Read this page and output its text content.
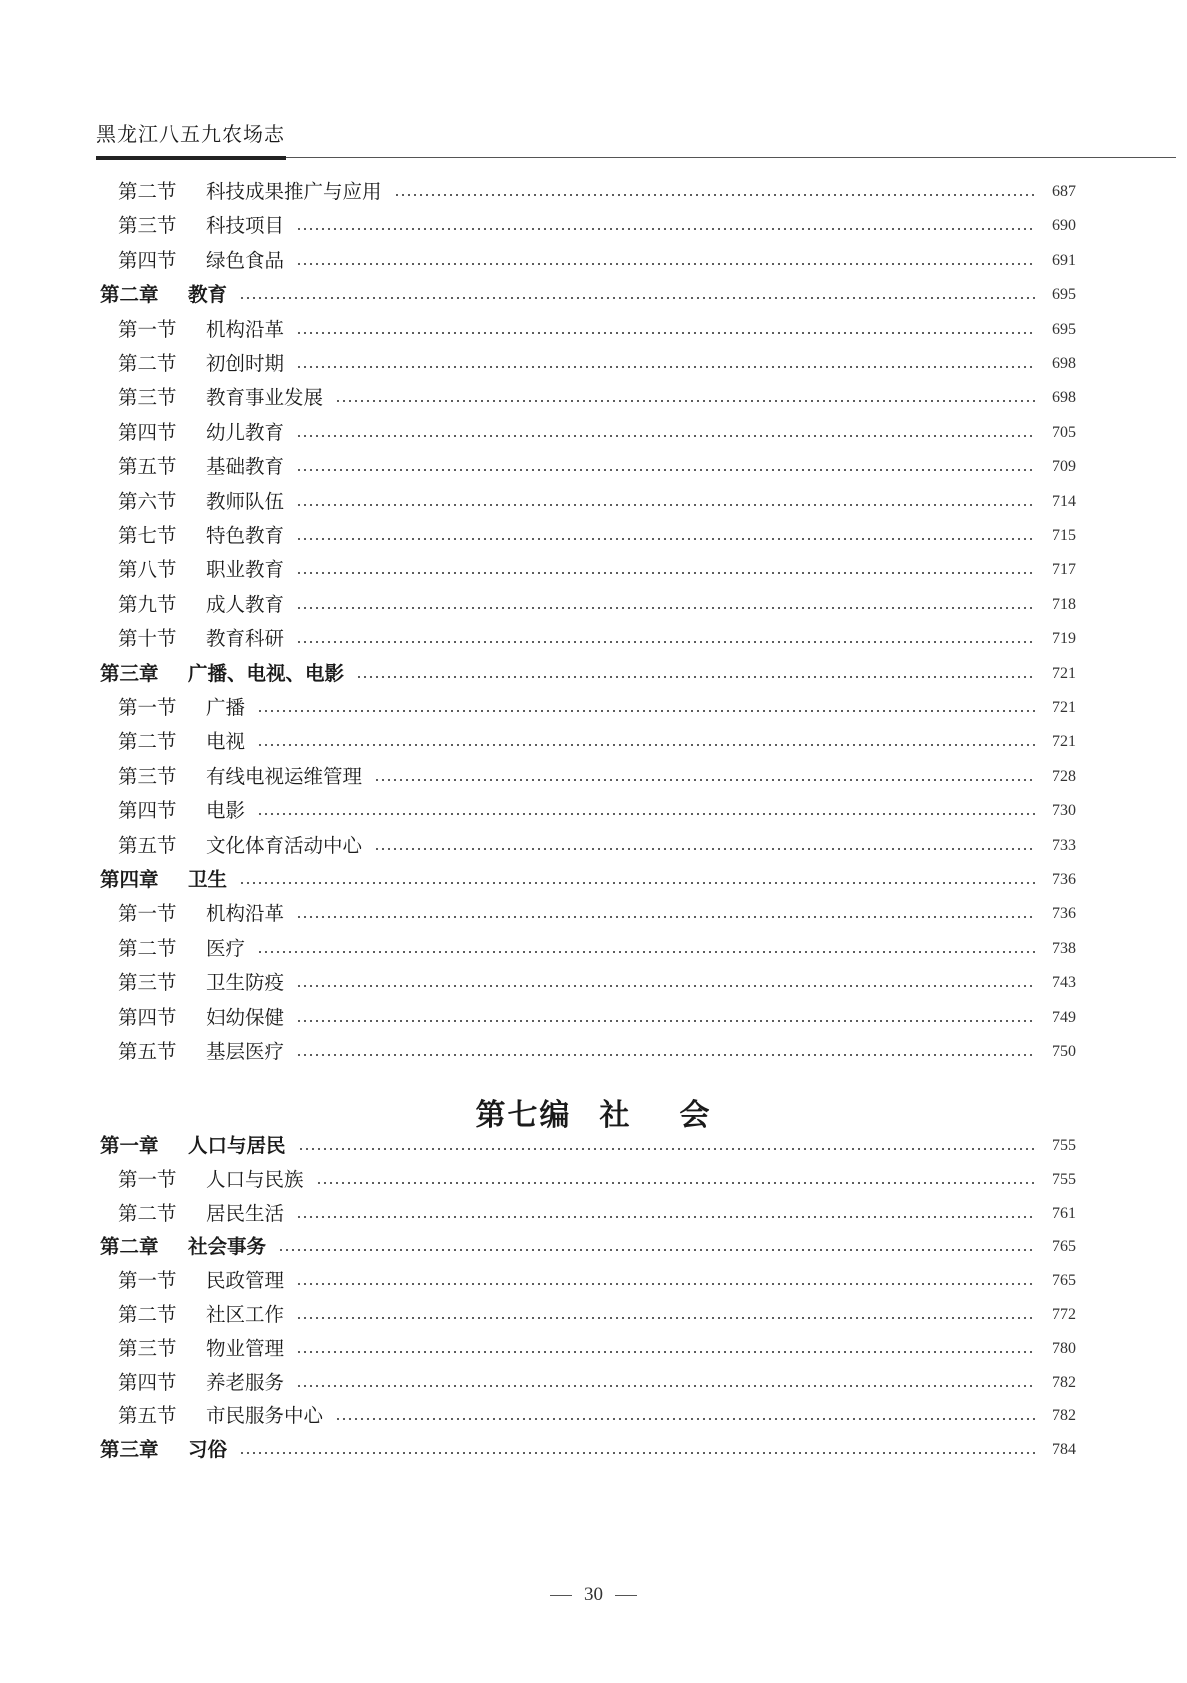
黑龙江八五九农场志
第二节	科技成果推广与应用	687
第三节	科技项目	690
第四节	绿色食品	691
第二章	教育	695
第一节	机构沿革	695
第二节	初创时期	698
第三节	教育事业发展	698
第四节	幼儿教育	705
第五节	基础教育	709
第六节	教师队伍	714
第七节	特色教育	715
第八节	职业教育	717
第九节	成人教育	718
第十节	教育科研	719
第三章	广播、电视、电影	721
第一节	广播	721
第二节	电视	721
第三节	有线电视运维管理	728
第四节	电影	730
第五节	文化体育活动中心	733
第四章	卫生	736
第一节	机构沿革	736
第二节	医疗	738
第三节	卫生防疫	743
第四节	妇幼保健	749
第五节	基层医疗	750
第七编 社 会
第一章	人口与居民	755
第一节	人口与民族	755
第二节	居民生活	761
第二章	社会事务	765
第一节	民政管理	765
第二节	社区工作	772
第三节	物业管理	780
第四节	养老服务	782
第五节	市民服务中心	782
第三章	习俗	784
30
